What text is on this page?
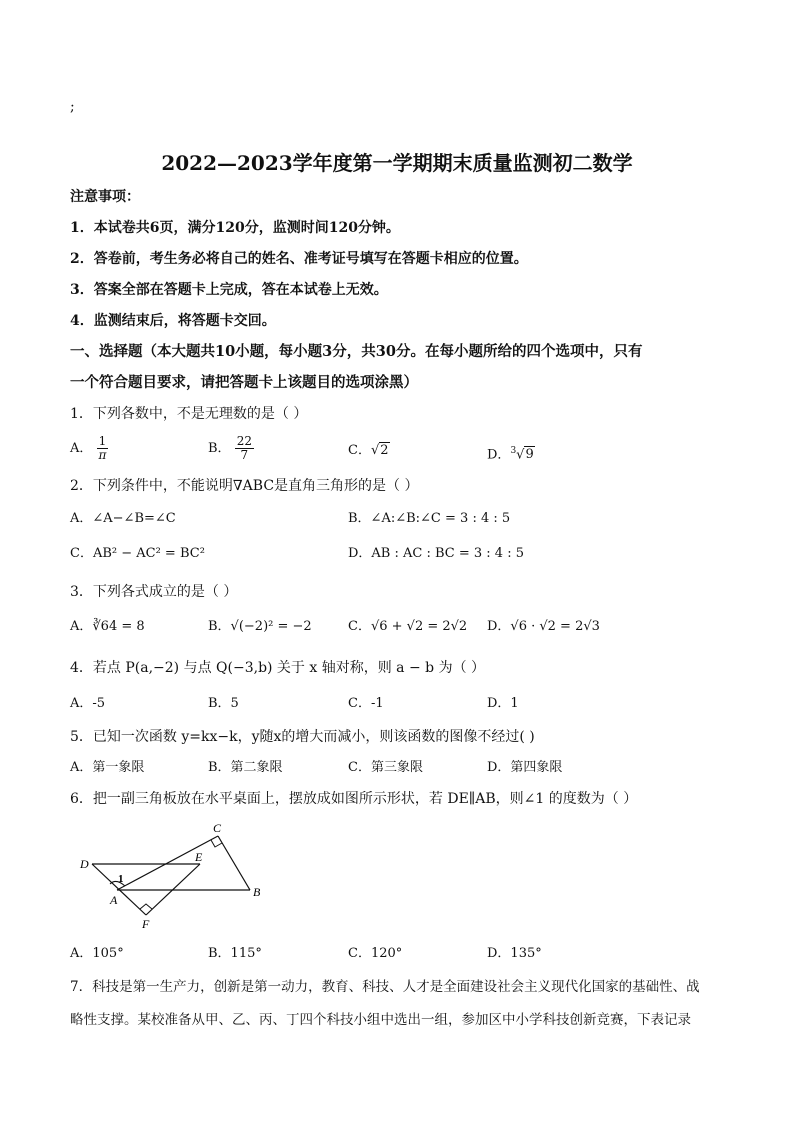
;
2022—2023学年度第一学期期末质量监测初二数学
注意事项：
1．本试卷共6页，满分120分，监测时间120分钟。
2．答卷前，考生务必将自己的姓名、准考证号填写在答题卡相应的位置。
3．答案全部在答题卡上完成，答在本试卷上无效。
4．监测结束后，将答题卡交回。
一、选择题（本大题共10小题，每小题3分，共30分。在每小题所给的四个选项中，只有
一个符合题目要求，请把答题卡上该题目的选项涂黑）
1．下列各数中，不是无理数的是（ ）
A． $\frac{1}{\pi}$	B． $\frac{22}{7}$	C．√2	D．$^3$√9
2．下列条件中，不能说明∇ABC是直角三角形的是（ ）
A．∠A−∠B=∠C	B．∠A:∠B:∠C = 3 : 4 : 5
C．AB² − AC² = BC²	D．AB : AC : BC = 3 : 4 : 5
3．下列各式成立的是（ ）
A．∛64 = 8	B．√(−2)² = −2	C．√6 + √2 = 2√2 D．√6 · √2 = 2√3
4．若点 P(a,−2) 与点 Q(−3,b) 关于 x 轴对称，则 a − b 为（ ）
A．-5	B．5	C．-1	D．1
5．已知一次函数 y=kx−k，y随x的增大而减小，则该函数的图像不经过( )
A．第一象限	B．第二象限	C．第三象限	D．第四象限
6．把一副三角板放在水平桌面上，摆放成如图所示形状，若 DE∥AB，则∠1 的度数为（ ）
C
D	E
1
A
B
F
A．105°	B．115°	C．120°	D．135°
7．科技是第一生产力，创新是第一动力，教育、科技、人才是全面建设社会主义现代化国家的基础性、战
略性支撑。某校准备从甲、乙、丙、丁四个科技小组中选出一组，参加区中小学科技创新竞赛，下表记录
